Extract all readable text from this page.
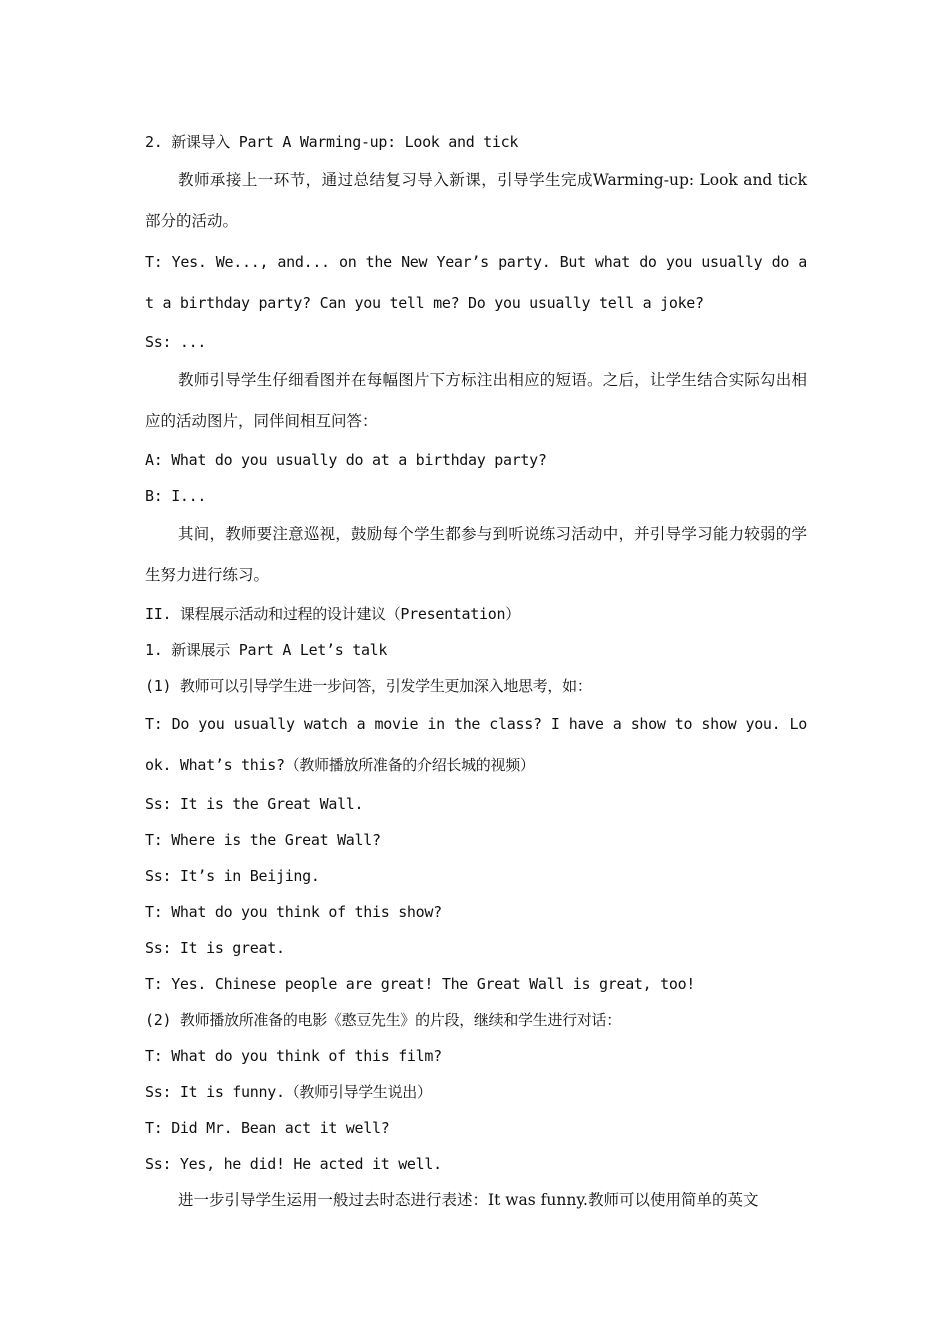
2. 新课导入 Part A Warming-up: Look and tick

教师承接上一环节，通过总结复习导入新课，引导学生完成Warming-up: Look and tick部分的活动。

T: Yes. We..., and... on the New Year’s party. But what do you usually do at a birthday party? Can you tell me? Do you usually tell a joke?

Ss: ...

教师引导学生仔细看图并在每幅图片下方标注出相应的短语。之后，让学生结合实际勾出相应的活动图片，同伴间相互问答：

A: What do you usually do at a birthday party?

B: I...

其间，教师要注意巡视，鼓励每个学生都参与到听说练习活动中，并引导学习能力较弱的学生努力进行练习。

II. 课程展示活动和过程的设计建议（Presentation）

1. 新课展示 Part A Let’s talk

(1) 教师可以引导学生进一步问答，引发学生更加深入地思考，如：

T: Do you usually watch a movie in the class? I have a show to show you. Look. What’s this?（教师播放所准备的介绍长城的视频）

Ss: It is the Great Wall.

T: Where is the Great Wall?

Ss: It’s in Beijing.

T: What do you think of this show?

Ss: It is great.

T: Yes. Chinese people are great! The Great Wall is great, too!

(2) 教师播放所准备的电影《憨豆先生》的片段，继续和学生进行对话：

T: What do you think of this film?

Ss: It is funny.（教师引导学生说出）

T: Did Mr. Bean act it well?

Ss: Yes, he did! He acted it well.

进一步引导学生运用一般过去时态进行表述：It was funny.教师可以使用简单的英文
